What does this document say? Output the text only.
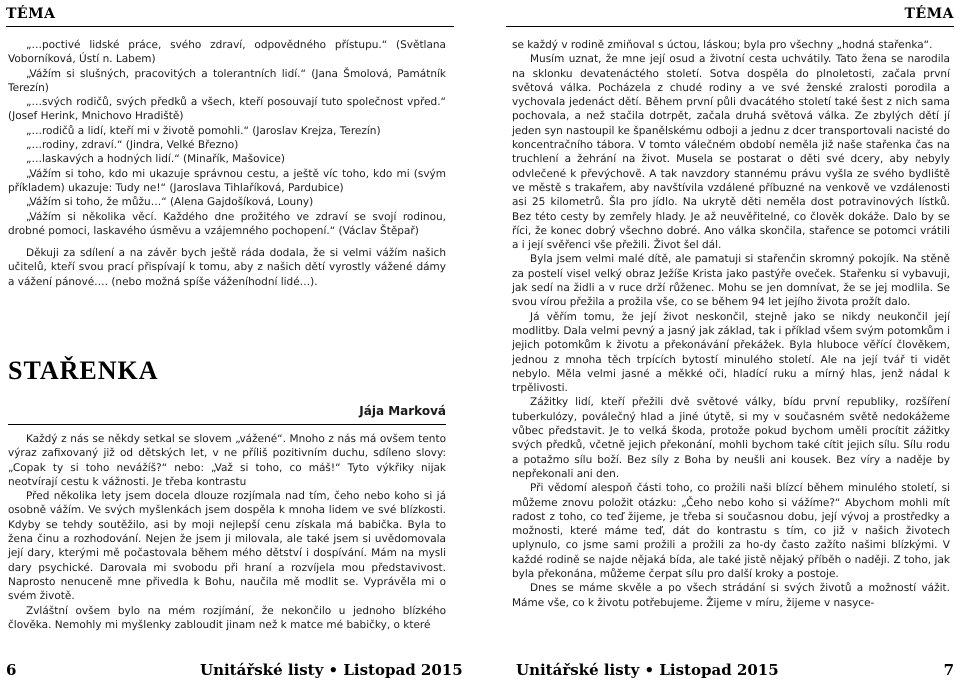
TÉMA

„…poctivé lidské práce, svého zdraví, odpovědného přístupu.“ (Světlana Voborníková, Ústí n. Labem)

„Vážím si slušných, pracovitých a tolerantních lidí.“ (Jana Šmolová, Památník Terezín)

„…svých rodičů, svých předků a všech, kteří posouvají tuto společnost vpřed.“ (Josef Herink, Mnichovo Hradiště)

„…rodičů a lidí, kteří mi v životě pomohli.“ (Jaroslav Krejza, Terezín)

„…rodiny, zdraví.“ (Jindra, Velké Březno)

„…laskavých a hodných lidí.“ (Minařík, Mašovice)

„Vážím si toho, kdo mi ukazuje správnou cestu, a ještě víc toho, kdo mi (svým příkladem) ukazuje: Tudy ne!“ (Jaroslava Tihlaříková, Pardubice)

„Vážím si toho, že můžu…“ (Alena Gajdošíková, Louny)

„Vážím si několika věcí. Každého dne prožitého ve zdraví se svojí rodinou, drobné pomoci, laskavého úsměvu a vzájemného pochopení.“ (Václav Štěpař)

Děkuji za sdílení a na závěr bych ještě ráda dodala, že si velmi vážím našich učitelů, kteří svou prací přispívají k tomu, aby z našich dětí vyrostly vážené dámy a vážení pánové…. (nebo možná spíše váženíhodní lidé…).

STAŘENKA
Jája Marková

Každý z nás se někdy setkal se slovem „vážené“. Mnoho z nás má ovšem tento výraz zafixovaný již od dětských let, v ne příliš pozitivním duchu, sdíleno slovy: „Copak ty si toho nevážíš?“ nebo: „Važ si toho, co máš!“ Tyto výkřiky nijak neotvírají cestu k vážnosti. Je třeba kontrastu

Před několika lety jsem docela dlouze rozjímala nad tím, čeho nebo koho si já osobně vážím. Ve svých myšlenkách jsem dospěla k mnoha lidem ve své blízkosti. Kdyby se tehdy soutěžilo, asi by moji nejlepší cenu získala má babička. Byla to žena činu a rozhodování. Nejen že jsem ji milovala, ale také jsem si uvědomovala její dary, kterými mě počastovala během mého dětství i dospívání. Mám na mysli dary psychické. Darovala mi svobodu při hraní a rozvíjela mou představivost. Naprosto nenuceně mne přivedla k Bohu, naučila mě modlit se. Vyprávěla mi o svém životě.

Zvláštní ovšem bylo na mém rozjímání, že nekončilo u jednoho blízkého člověka. Nemohly mi myšlenky zabloudit jinam než k matce mé babičky, o které

6	Unitářské listy • Listopad 2015
TÉMA

se každý v rodině zmiňoval s úctou, láskou; byla pro všechny „hodná stařenka“.

Musím uznat, že mne její osud a životní cesta uchvátily. Tato žena se narodila na sklonku devatenáctého století. Sotva dospěla do plnoletosti, začala první světová válka. Pocházela z chudé rodiny a ve své ženské zralosti porodila a vychovala jedenáct dětí. Během první půli dvacátého století také šest z nich sama pochovala, a než stačila dotrpět, začala druhá světová válka. Ze zbylých dětí jí jeden syn nastoupil ke španělskému odboji a jednu z dcer transportovali nacisté do koncentračního tábora. V tomto válečném období neměla již naše stařenka čas na truchlení a žehrání na život. Musela se postarat o děti své dcery, aby nebyly odvlečené k převýchově. A tak navzdory stannému právu vyšla ze svého bydliště ve městě s trakařem, aby navštívila vzdálené příbuzné na venkově ve vzdálenosti asi 25 kilometrů. Šla pro jídlo. Na ukrytě děti neměla dost potravinových lístků. Bez této cesty by zemřely hlady. Je až neuvěřitelné, co člověk dokáže. Dalo by se říci, že konec dobrý všechno dobré. Ano válka skončila, stařence se potomci vrátili a i její svěřenci vše přežili. Život šel dál.

Byla jsem velmi malé dítě, ale pamatuji si stařenčin skromný pokojík. Na stěně za postelí visel velký obraz Ježíše Krista jako pastýře oveček. Stařenku si vybavuji, jak sedí na židli a v ruce drží růženec. Mohu se jen domnívat, že se jej modlila. Se svou vírou přežila a prožila vše, co se během 94 let jejího života prožít dalo.

Já věřím tomu, že její život neskončil, stejně jako se nikdy neukončil její modlitby. Dala velmi pevný a jasný jak základ, tak i příklad všem svým potomkům i jejich potomkům k životu a překonávání překážek. Byla hluboce věřící člověkem, jednou z mnoha těch trpících bytostí minulého století. Ale na její tvář ti vidět nebylo. Měla velmi jasné a měkké oči, hladící ruku a mírný hlas, jenž nádal k trpělivosti.

Zážitky lidí, kteří přežili dvě světové války, bídu první republiky, rozšíření tuberkulózy, poválečný hlad a jiné útytě, si my v současném světě nedokážeme vůbec představit. Je to velká škoda, protože pokud bychom uměli procítit zážitky svých předků, včetně jejich překonání, mohli bychom také cítit jejich sílu. Sílu rodu a potažmo sílu boží. Bez síly z Boha by neušli ani kousek. Bez víry a naděje by nepřekonali ani den.

Při vědomí alespoň části toho, co prožili naši blízcí během minulého století, si můžeme znovu položit otázku: „Čeho nebo koho si vážíme?“ Abychom mohli mít radost z toho, co teď žijeme, je třeba si současnou dobu, její vývoj a prostředky a možnosti, které máme teď, dát do kontrastu s tím, co již v našich životech uplynulo, co jsme sami prožili a prožili za ho-dy často zažíto našimi blízkými. V každé rodině se najde nějaká bída, ale také jistě nějaký příběh o naději. Z toho, jak byla překonána, můžeme čerpat sílu pro další kroky a postoje.

Dnes se máme skvěle a po všech strádání si svých životů a možností vážit. Máme vše, co k životu potřebujeme. Žijeme v míru, žijeme v nasyce-

Unitářské listy • Listopad 2015	7
